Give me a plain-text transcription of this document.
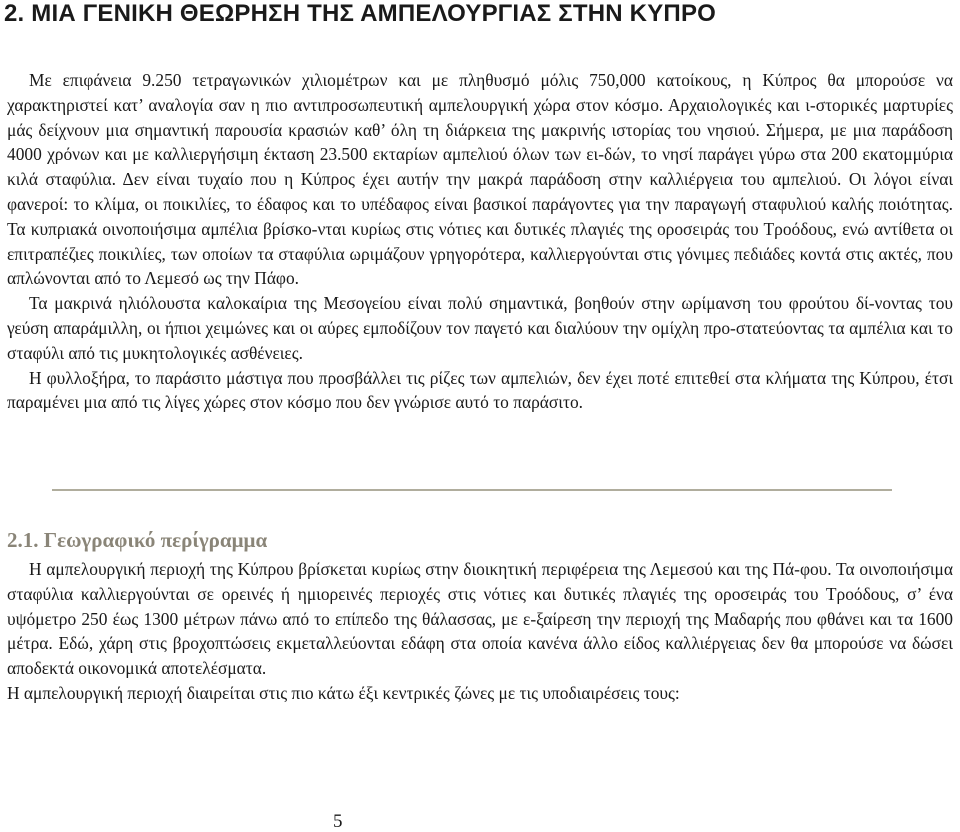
2. ΜΙΑ ΓΕΝΙΚΗ ΘΕΩΡΗΣΗ ΤΗΣ ΑΜΠΕΛΟΥΡΓΙΑΣ ΣΤΗΝ ΚΥΠΡΟ

Με επιφάνεια 9.250 τετραγωνικών χιλιομέτρων και με πληθυσμό μόλις 750,000 κατοίκους, η Κύπρος θα μπορούσε να χαρακτηριστεί κατ’ αναλογία σαν η πιο αντιπροσωπευτική αμπελουργική χώρα στον κόσμο. Αρχαιολογικές και ι-στορικές μαρτυρίες μάς δείχνουν μια σημαντική παρουσία κρασιών καθ’ όλη τη διάρκεια της μακρινής ιστορίας του νησιού. Σήμερα, με μια παράδοση 4000 χρόνων και με καλλιεργήσιμη έκταση 23.500 εκταρίων αμπελιού όλων των ει-δών, το νησί παράγει γύρω στα 200 εκατομμύρια κιλά σταφύλια. Δεν είναι τυχαίο που η Κύπρος έχει αυτήν την μακρά παράδοση στην καλλιέργεια του αμπελιού. Οι λόγοι είναι φανεροί: το κλίμα, οι ποικιλίες, το έδαφος και το υπέδαφος είναι βασικοί παράγοντες για την παραγωγή σταφυλιού καλής ποιότητας. Τα κυπριακά οινοποιήσιμα αμπέλια βρίσκο-νται κυρίως στις νότιες και δυτικές πλαγιές της οροσειράς του Τροόδους, ενώ αντίθετα οι επιτραπέζιες ποικιλίες, των οποίων τα σταφύλια ωριμάζουν γρηγορότερα, καλλιεργούνται στις γόνιμες πεδιάδες κοντά στις ακτές, που απλώνονται από το Λεμεσό ως την Πάφο.

Τα μακρινά ηλιόλουστα καλοκαίρια της Μεσογείου είναι πολύ σημαντικά, βοηθούν στην ωρίμανση του φρούτου δί-νοντας του γεύση απαράμιλλη, οι ήπιοι χειμώνες και οι αύρες εμποδίζουν τον παγετό και διαλύουν την ομίχλη προ-στατεύοντας τα αμπέλια και το σταφύλι από τις μυκητολογικές ασθένειες.

Η φυλλοξήρα, το παράσιτο μάστιγα που προσβάλλει τις ρίζες των αμπελιών, δεν έχει ποτέ επιτεθεί στα κλήματα της Κύπρου, έτσι παραμένει μια από τις λίγες χώρες στον κόσμο που δεν γνώρισε αυτό το παράσιτο.

2.1. Γεωγραφικό περίγραμμα

Η αμπελουργική περιοχή της Κύπρου βρίσκεται κυρίως στην διοικητική περιφέρεια της Λεμεσού και της Πά-φου. Τα οινοποιήσιμα σταφύλια καλλιεργούνται σε ορεινές ή ημιορεινές περιοχές στις νότιες και δυτικές πλαγιές της οροσειράς του Τροόδους, σ’ ένα υψόμετρο 250 έως 1300 μέτρων πάνω από το επίπεδο της θάλασσας, με ε-ξαίρεση την περιοχή της Μαδαρής που φθάνει και τα 1600 μέτρα. Εδώ, χάρη στις βροχοπτώσεις εκμεταλλεύονται εδάφη στα οποία κανένα άλλο είδος καλλιέργειας δεν θα μπορούσε να δώσει αποδεκτά οικονομικά αποτελέσματα.

Η αμπελουργική περιοχή διαιρείται στις πιο κάτω έξι κεντρικές ζώνες με τις υποδιαιρέσεις τους:

5
